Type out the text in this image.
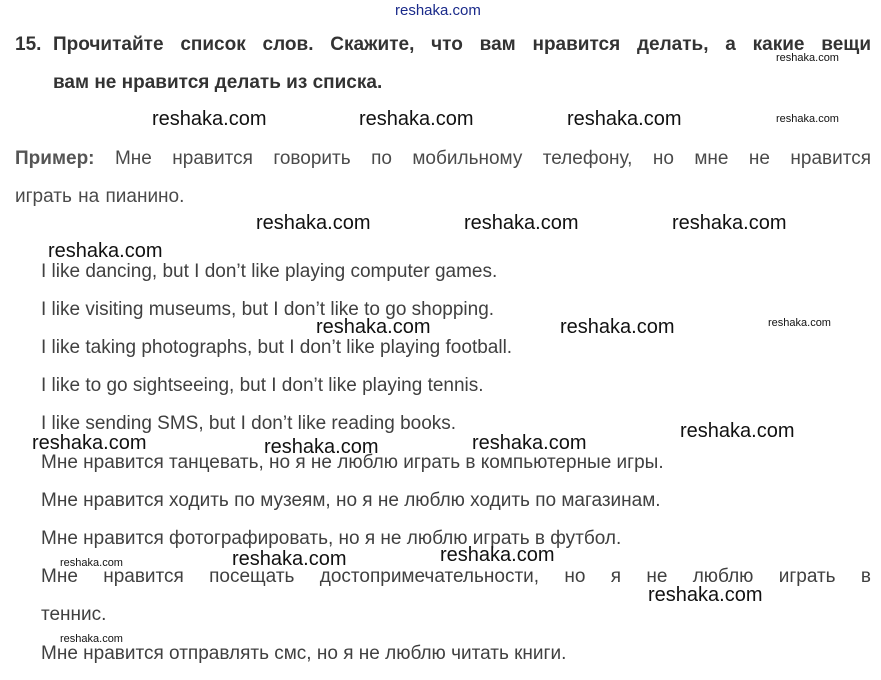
reshaka.com
15. Прочитайте список слов. Скажите, что вам нравится делать, а какие вещи
вам не нравится делать из списка.
Пример: Мне нравится говорить по мобильному телефону, но мне не нравится
играть на пианино.
I like dancing, but I don’t like playing computer games.
I like visiting museums, but I don’t like to go shopping.
I like taking photographs, but I don’t like playing football.
I like to go sightseeing, but I don’t like playing tennis.
I like sending SMS, but I don’t like reading books.
Мне нравится танцевать, но я не люблю играть в компьютерные игры.
Мне нравится ходить по музеям, но я не люблю ходить по магазинам.
Мне нравится фотографировать, но я не люблю играть в футбол.
Мне нравится посещать достопримечательности, но я не люблю играть в
теннис.
Мне нравится отправлять смс, но я не люблю читать книги.
reshaka.com	reshaka.com	reshaka.com
reshaka.com	reshaka.com	reshaka.com
reshaka.com
reshaka.com	reshaka.com
reshaka.com
reshaka.com	reshaka.com
reshaka.com
reshaka.com
reshaka.com
reshaka.com
reshaka.com
reshaka.com
reshaka.com
reshaka.com
reshaka.com
